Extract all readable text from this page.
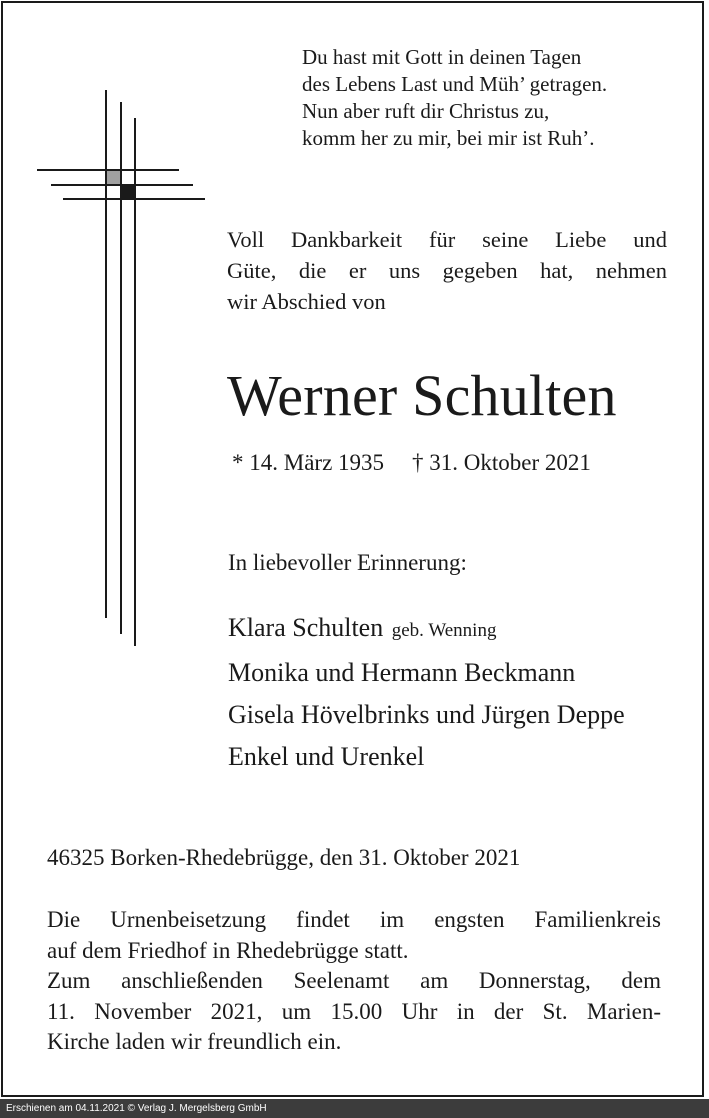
Du hast mit Gott in deinen Tagen
des Lebens Last und Müh’ getragen.
Nun aber ruft dir Christus zu,
komm her zu mir, bei mir ist Ruh’.
Voll Dankbarkeit für seine Liebe und
Güte, die er uns gegeben hat, nehmen
wir Abschied von
Werner Schulten
* 14. März 1935 † 31. Oktober 2021
In liebevoller Erinnerung:
Klara Schulten geb. Wenning
Monika und Hermann Beckmann
Gisela Hövelbrinks und Jürgen Deppe
Enkel und Urenkel
46325 Borken-Rhedebrügge, den 31. Oktober 2021
Die Urnenbeisetzung findet im engsten Familienkreis
auf dem Friedhof in Rhedebrügge statt.
Zum anschließenden Seelenamt am Donnerstag, dem
11. November 2021, um 15.00 Uhr in der St. Marien-
Kirche laden wir freundlich ein.
Erschienen am 04.11.2021 © Verlag J. Mergelsberg GmbH
